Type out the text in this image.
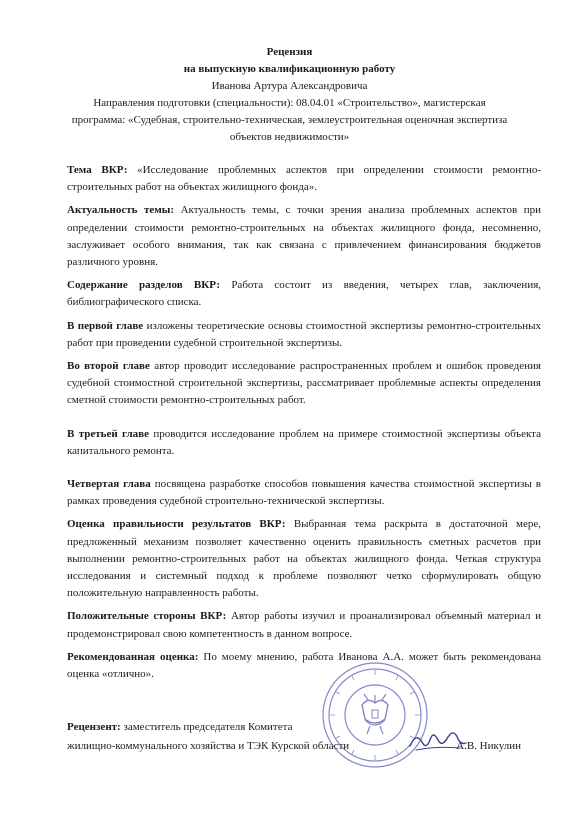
Рецензия
на выпускную квалификационную работу
Иванова Артура Александровича
Направления подготовки (специальности): 08.04.01 «Строительство», магистерская
программа: «Судебная, строительно-техническая, землеустроительная оценочная экспертиза
объектов недвижимости»

Тема ВКР: «Исследование проблемных аспектов при определении стоимости ремонтно-строительных работ на объектах жилищного фонда».

Актуальность темы: Актуальность темы, с точки зрения анализа проблемных аспектов при определении стоимости ремонтно-строительных на объектах жилищного фонда, несомненно, заслуживает особого внимания, так как связана с привлечением финансирования бюджетов различного уровня.

Содержание разделов ВКР: Работа состоит из введения, четырех глав, заключения, библиографического списка.

В первой главе изложены теоретические основы стоимостной экспертизы ремонтно-строительных работ при проведении судебной строительной экспертизы.

Во второй главе автор проводит исследование распространенных проблем и ошибок проведения судебной стоимостной строительной экспертизы, рассматривает проблемные аспекты определения сметной стоимости ремонтно-строительных работ.

В третьей главе проводится исследование проблем на примере стоимостной экспертизы объекта капитального ремонта.

Четвертая глава посвящена разработке способов повышения качества стоимостной экспертизы в рамках проведения судебной строительно-технической экспертизы.

Оценка правильности результатов ВКР: Выбранная тема раскрыта в достаточной мере, предложенный механизм позволяет качественно оценить правильность сметных расчетов при выполнении ремонтно-строительных работ на объектах жилищного фонда. Четкая структура исследования и системный подход к проблеме позволяют четко сформулировать общую положительную направленность работы.

Положительные стороны ВКР: Автор работы изучил и проанализировал объемный материал и продемонстрировал свою компетентность в данном вопросе.

Рекомендованная оценка: По моему мнению, работа Иванова А.А. может быть рекомендована оценка «отлично».

Рецензент: заместитель председателя Комитета
жилищно-коммунального хозяйства и ТЭК Курской области	А.В. Никулин
